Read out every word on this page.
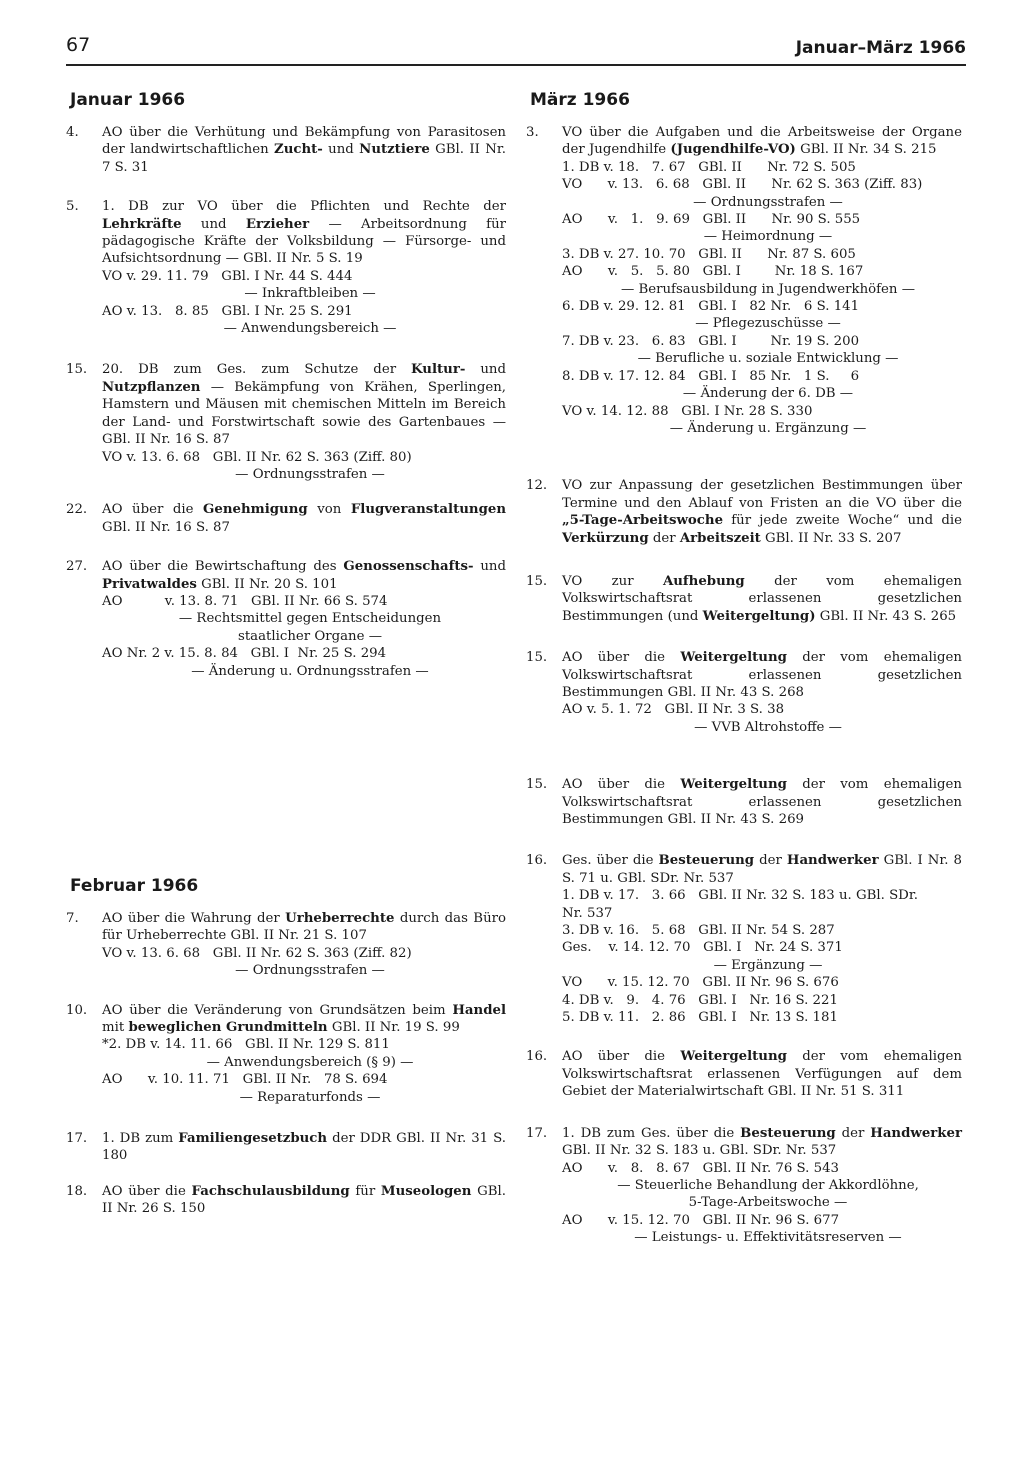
67	Januar–März 1966
Januar 1966
4. AO über die Verhütung und Bekämpfung von Parasitosen der landwirtschaftlichen Zucht- und Nutztiere GBl. II Nr. 7 S. 31
5. 1. DB zur VO über die Pflichten und Rechte der Lehrkräfte und Erzieher — Arbeitsordnung für pädagogische Kräfte der Volksbildung — Fürsorge- und Aufsichtsordnung — GBl. II Nr. 5 S. 19
VO v. 29. 11. 79   GBl. I Nr. 44 S. 444
— Inkraftbleiben —
AO v. 13.   8. 85   GBl. I Nr. 25 S. 291
— Anwendungsbereich —
15. 20. DB zum Ges. zum Schutze der Kultur- und Nutzpflanzen — Bekämpfung von Krähen, Sperlingen, Hamstern und Mäusen mit chemischen Mitteln im Bereich der Land- und Forstwirtschaft sowie des Gartenbaues — GBl. II Nr. 16 S. 87
VO v. 13. 6. 68   GBl. II Nr. 62 S. 363 (Ziff. 80)
— Ordnungsstrafen —
22. AO über die Genehmigung von Flugveranstaltungen GBl. II Nr. 16 S. 87
27. AO über die Bewirtschaftung des Genossenschafts- und Privatwaldes GBl. II Nr. 20 S. 101
AO          v. 13. 8. 71   GBl. II Nr. 66 S. 574
— Rechtsmittel gegen Entscheidungen
staatlicher Organe —
AO Nr. 2 v. 15. 8. 84   GBl. I  Nr. 25 S. 294
— Änderung u. Ordnungsstrafen —
Februar 1966
7. AO über die Wahrung der Urheberrechte durch das Büro für Urheberrechte GBl. II Nr. 21 S. 107
VO v. 13. 6. 68   GBl. II Nr. 62 S. 363 (Ziff. 82)
— Ordnungsstrafen —
10. AO über die Veränderung von Grundsätzen beim Handel mit beweglichen Grundmitteln GBl. II Nr. 19 S. 99
*2. DB v. 14. 11. 66   GBl. II Nr. 129 S. 811
— Anwendungsbereich (§ 9) —
AO      v. 10. 11. 71   GBl. II Nr.   78 S. 694
— Reparaturfonds —
17. 1. DB zum Familiengesetzbuch der DDR GBl. II Nr. 31 S. 180
18. AO über die Fachschulausbildung für Museologen GBl. II Nr. 26 S. 150
März 1966
3. VO über die Aufgaben und die Arbeitsweise der Organe der Jugendhilfe (Jugendhilfe-VO) GBl. II Nr. 34 S. 215
1. DB v. 18.   7. 67   GBl. II      Nr. 72 S. 505
VO      v. 13.   6. 68   GBl. II      Nr. 62 S. 363 (Ziff. 83)
— Ordnungsstrafen —
AO      v.   1.   9. 69   GBl. II      Nr. 90 S. 555
— Heimordnung —
3. DB v. 27. 10. 70   GBl. II      Nr. 87 S. 605
AO      v.   5.   5. 80   GBl. I        Nr. 18 S. 167
— Berufsausbildung in Jugendwerkhöfen —
6. DB v. 29. 12. 81   GBl. I   82 Nr.   6 S. 141
— Pflegezuschüsse —
7. DB v. 23.   6. 83   GBl. I        Nr. 19 S. 200
— Berufliche u. soziale Entwicklung —
8. DB v. 17. 12. 84   GBl. I   85 Nr.   1 S.     6
— Änderung der 6. DB —
VO v. 14. 12. 88   GBl. I Nr. 28 S. 330
— Änderung u. Ergänzung —
12. VO zur Anpassung der gesetzlichen Bestimmungen über Termine und den Ablauf von Fristen an die VO über die „5-Tage-Arbeitswoche für jede zweite Woche“ und die Verkürzung der Arbeitszeit GBl. II Nr. 33 S. 207
15. VO zur Aufhebung der vom ehemaligen Volkswirtschaftsrat erlassenen gesetzlichen Bestimmungen (und Weitergeltung) GBl. II Nr. 43 S. 265
15. AO über die Weitergeltung der vom ehemaligen Volkswirtschaftsrat erlassenen gesetzlichen Bestimmungen GBl. II Nr. 43 S. 268
AO v. 5. 1. 72   GBl. II Nr. 3 S. 38
— VVB Altrohstoffe —
15. AO über die Weitergeltung der vom ehemaligen Volkswirtschaftsrat erlassenen gesetzlichen Bestimmungen GBl. II Nr. 43 S. 269
16. Ges. über die Besteuerung der Handwerker GBl. I Nr. 8 S. 71 u. GBl. SDr. Nr. 537
1. DB v. 17.   3. 66   GBl. II Nr. 32 S. 183 u. GBl. SDr.
Nr. 537
3. DB v. 16.   5. 68   GBl. II Nr. 54 S. 287
Ges.    v. 14. 12. 70   GBl. I   Nr. 24 S. 371
— Ergänzung —
VO      v. 15. 12. 70   GBl. II Nr. 96 S. 676
4. DB v.   9.   4. 76   GBl. I   Nr. 16 S. 221
5. DB v. 11.   2. 86   GBl. I   Nr. 13 S. 181
16. AO über die Weitergeltung der vom ehemaligen Volkswirtschaftsrat erlassenen Verfügungen auf dem Gebiet der Materialwirtschaft GBl. II Nr. 51 S. 311
17. 1. DB zum Ges. über die Besteuerung der Handwerker GBl. II Nr. 32 S. 183 u. GBl. SDr. Nr. 537
AO      v.   8.   8. 67   GBl. II Nr. 76 S. 543
— Steuerliche Behandlung der Akkordlöhne,
5-Tage-Arbeitswoche —
AO      v. 15. 12. 70   GBl. II Nr. 96 S. 677
— Leistungs- u. Effektivitätsreserven —
